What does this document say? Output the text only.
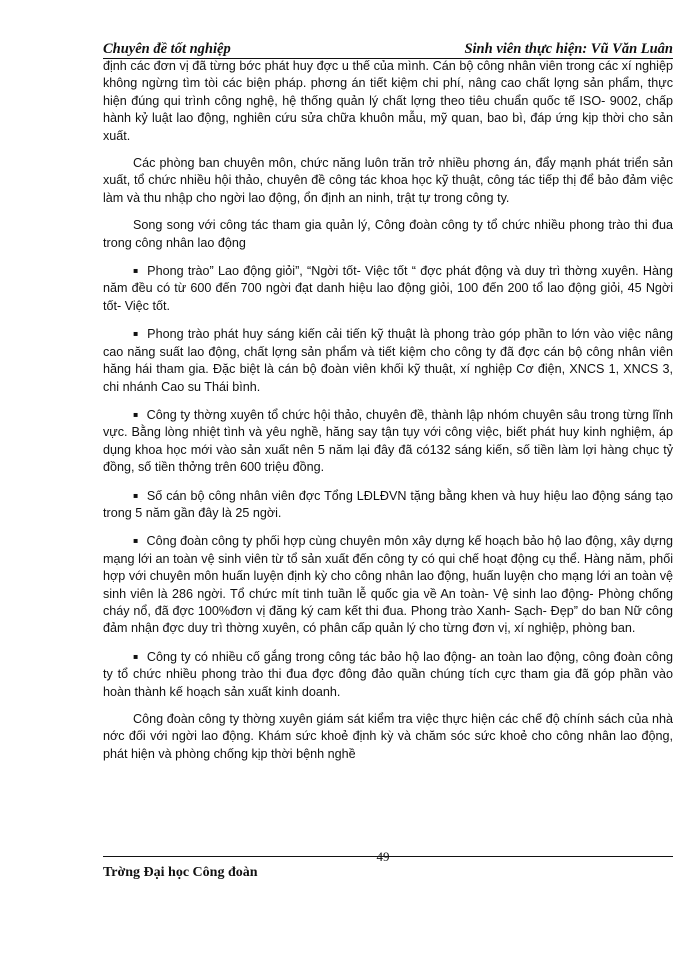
Chuyên đề tốt nghiệp	Sinh viên thực hiện: Vũ Văn Luân

định các đơn vị đã từng bớc phát huy đợc u thế của mình. Cán bộ công nhân viên trong các xí nghiệp không ngừng tìm tòi các biện pháp. phơng án tiết kiệm chi phí, nâng cao chất lợng sản phẩm, thực hiện đúng qui trình công nghệ, hệ thống quản lý chất lợng theo tiêu chuẩn quốc tế ISO- 9002, chấp hành kỷ luật lao động, nghiên cứu sửa chữa khuôn mẫu, mỹ quan, bao bì, đáp ứng kịp thời cho sản xuất.

Các phòng ban chuyên môn, chức năng luôn trăn trở nhiều phơng án, đẩy mạnh phát triển sản xuất, tổ chức nhiều hội thảo, chuyên đề công tác khoa học kỹ thuật, công tác tiếp thị để bảo đảm việc làm và thu nhập cho ngời lao động, ổn định an ninh, trật tự trong công ty.

Song song với công tác tham gia quản lý, Công đoàn công ty tổ chức nhiều phong trào thi đua trong công nhân lao động

▪ Phong trào” Lao động giỏi”, “Ngời tốt- Việc tốt “ đợc phát động và duy trì thờng xuyên. Hàng năm đều có từ 600 đến 700 ngời đạt danh hiệu lao động giỏi, 100 đến 200 tổ lao động giỏi, 45 Ngời tốt- Việc tốt.

▪ Phong trào phát huy sáng kiến cải tiến kỹ thuật là phong trào góp phần to lớn vào việc nâng cao năng suất lao động, chất lợng sản phẩm và tiết kiệm cho công ty đã đợc cán bộ công nhân viên hăng hái tham gia. Đặc biệt là cán bộ đoàn viên khối kỹ thuật, xí nghiệp Cơ điện, XNCS 1, XNCS 3, chi nhánh Cao su Thái bình.

▪ Công ty thờng xuyên tổ chức hội thảo, chuyên đề, thành lập nhóm chuyên sâu trong từng lĩnh vực. Bằng lòng nhiệt tình và yêu nghề, hăng say tận tụy với công việc, biết phát huy kinh nghiệm, áp dụng khoa học mới vào sản xuất nên 5 năm lại đây đã có132 sáng kiến, số tiền làm lợi hàng chục tỷ đồng, số tiền thởng trên 600 triệu đồng.

▪ Số cán bộ công nhân viên đợc Tổng LĐLĐVN tặng bằng khen và huy hiệu lao động sáng tạo trong 5 năm gần đây là 25 ngời.

▪ Công đoàn công ty phối hợp cùng chuyên môn xây dựng kế hoạch bảo hộ lao động, xây dựng mạng lới an toàn vệ sinh viên từ tổ sản xuất đến công ty có qui chế hoạt động cụ thể. Hàng năm, phối hợp với chuyên môn huấn luyện định kỳ cho công nhân lao động, huấn luyện cho mạng lới an toàn vệ sinh viên là 286 ngời. Tổ chức mít tinh tuần lễ quốc gia về An toàn- Vệ sinh lao động- Phòng chống cháy nổ, đã đợc 100%đơn vị đăng ký cam kết thi đua. Phong trào Xanh- Sạch- Đẹp” do ban Nữ công đảm nhận đợc duy trì thờng xuyên, có phân cấp quản lý cho từng đơn vị, xí nghiệp, phòng ban.

▪ Công ty có nhiều cố gắng trong công tác bảo hộ lao động- an toàn lao động, công đoàn công ty tổ chức nhiều phong trào thi đua đợc đông đảo quần chúng tích cực tham gia đã góp phần vào hoàn thành kế hoạch sản xuất kinh doanh.

Công đoàn công ty thờng xuyên giám sát kiểm tra việc thực hiện các chế độ chính sách của nhà nớc đối với ngời lao động. Khám sức khoẻ định kỳ và chăm sóc sức khoẻ cho công nhân lao động, phát hiện và phòng chống kịp thời bệnh nghề

49
Trờng Đại học Công đoàn
